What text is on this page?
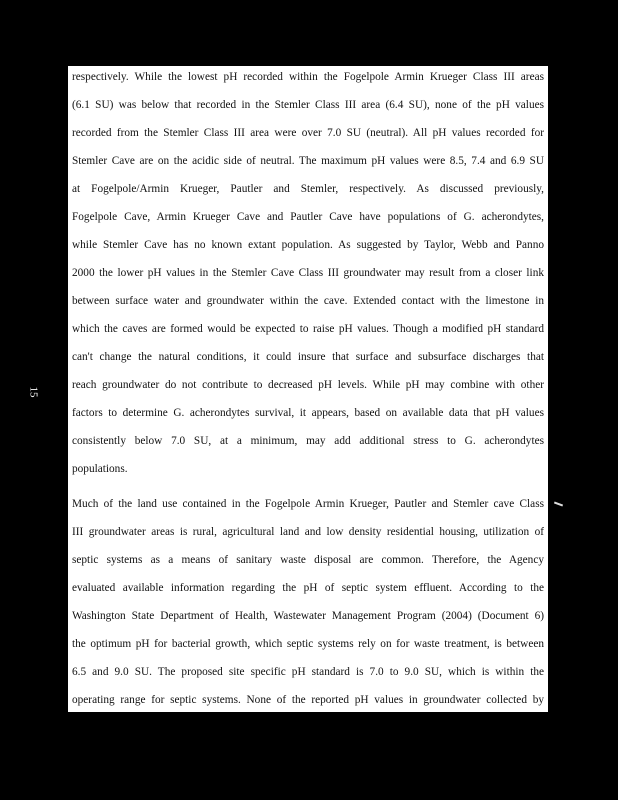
15
respectively. While the lowest pH recorded within the Fogelpole Armin Krueger Class III areas
(6.1 SU) was below that recorded in the Stemler Class III area (6.4 SU), none of the pH values
recorded from the Stemler Class III area were over 7.0 SU (neutral). All pH values recorded for
Stemler Cave are on the acidic side of neutral. The maximum pH values were 8.5, 7.4 and 6.9 SU
at Fogelpole/Armin Krueger, Pautler and Stemler, respectively. As discussed previously,
Fogelpole Cave, Armin Krueger Cave and Pautler Cave have populations of G. acherondytes,
while Stemler Cave has no known extant population. As suggested by Taylor, Webb and Panno
2000 the lower pH values in the Stemler Cave Class III groundwater may result from a closer link
between surface water and groundwater within the cave. Extended contact with the limestone in
which the caves are formed would be expected to raise pH values. Though a modified pH standard
can't change the natural conditions, it could insure that surface and subsurface discharges that
reach groundwater do not contribute to decreased pH levels. While pH may combine with other
factors to determine G. acherondytes survival, it appears, based on available data that pH values
consistently below 7.0 SU, at a minimum, may add additional stress to G. acherondytes
populations.
Much of the land use contained in the Fogelpole Armin Krueger, Pautler and Stemler cave Class
III groundwater areas is rural, agricultural land and low density residential housing, utilization of
septic systems as a means of sanitary waste disposal are common. Therefore, the Agency
evaluated available information regarding the pH of septic system effluent. According to the
Washington State Department of Health, Wastewater Management Program (2004) (Document 6)
the optimum pH for bacterial growth, which septic systems rely on for waste treatment, is between
6.5 and 9.0 SU. The proposed site specific pH standard is 7.0 to 9.0 SU, which is within the
operating range for septic systems. None of the reported pH values in groundwater collected by
